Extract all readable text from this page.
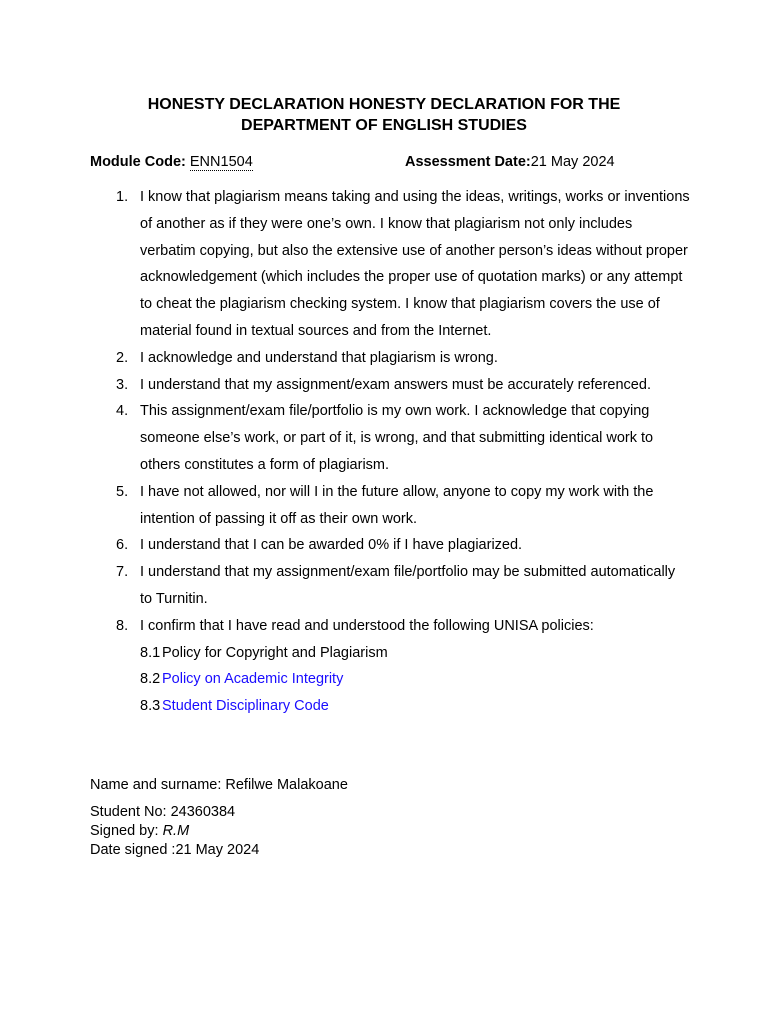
HONESTY DECLARATION HONESTY DECLARATION FOR THE
DEPARTMENT OF ENGLISH STUDIES
Module Code: ENN1504	Assessment Date:21 May 2024
1. I know that plagiarism means taking and using the ideas, writings, works or inventions of another as if they were one’s own. I know that plagiarism not only includes verbatim copying, but also the extensive use of another person’s ideas without proper acknowledgement (which includes the proper use of quotation marks) or any attempt to cheat the plagiarism checking system. I know that plagiarism covers the use of material found in textual sources and from the Internet.
2. I acknowledge and understand that plagiarism is wrong.
3. I understand that my assignment/exam answers must be accurately referenced.
4. This assignment/exam file/portfolio is my own work. I acknowledge that copying someone else’s work, or part of it, is wrong, and that submitting identical work to others constitutes a form of plagiarism.
5. I have not allowed, nor will I in the future allow, anyone to copy my work with the intention of passing it off as their own work.
6. I understand that I can be awarded 0% if I have plagiarized.
7. I understand that my assignment/exam file/portfolio may be submitted automatically to Turnitin.
8. I confirm that I have read and understood the following UNISA policies:
8.1 Policy for Copyright and Plagiarism
8.2 Policy on Academic Integrity
8.3 Student Disciplinary Code
Name and surname: Refilwe Malakoane
Student No: 24360384
Signed by: R.M
Date signed :21 May 2024
